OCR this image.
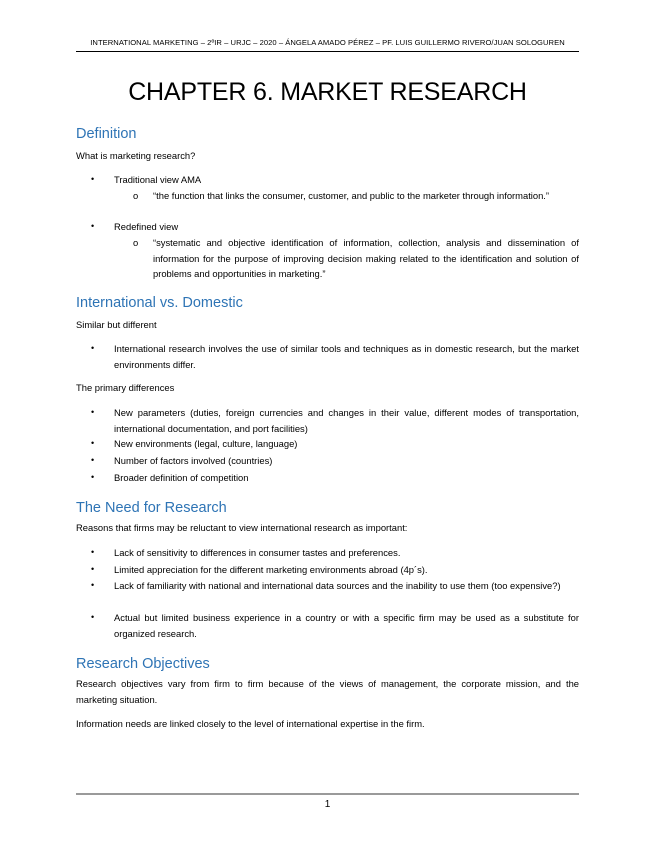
INTERNATIONAL MARKETING – 2ºIR – URJC – 2020 – ÁNGELA AMADO PÉREZ – PF. LUIS GUILLERMO RIVERO/JUAN SOLOGUREN
CHAPTER 6. MARKET RESEARCH
Definition
What is marketing research?
• Traditional view AMA
o “the function that links the consumer, customer, and public to the marketer through information.”
• Redefined view
o “systematic and objective identification of information, collection, analysis and dissemination of information for the purpose of improving decision making related to the identification and solution of problems and opportunities in marketing.”
International vs. Domestic
Similar but different
• International research involves the use of similar tools and techniques as in domestic research, but the market environments differ.
The primary differences
• New parameters (duties, foreign currencies and changes in their value, different modes of transportation, international documentation, and port facilities)
• New environments (legal, culture, language)
• Number of factors involved (countries)
• Broader definition of competition
The Need for Research
Reasons that firms may be reluctant to view international research as important:
• Lack of sensitivity to differences in consumer tastes and preferences.
• Limited appreciation for the different marketing environments abroad (4p´s).
• Lack of familiarity with national and international data sources and the inability to use them (too expensive?)
• Actual but limited business experience in a country or with a specific firm may be used as a substitute for organized research.
Research Objectives
Research objectives vary from firm to firm because of the views of management, the corporate mission, and the marketing situation.
Information needs are linked closely to the level of international expertise in the firm.
1
